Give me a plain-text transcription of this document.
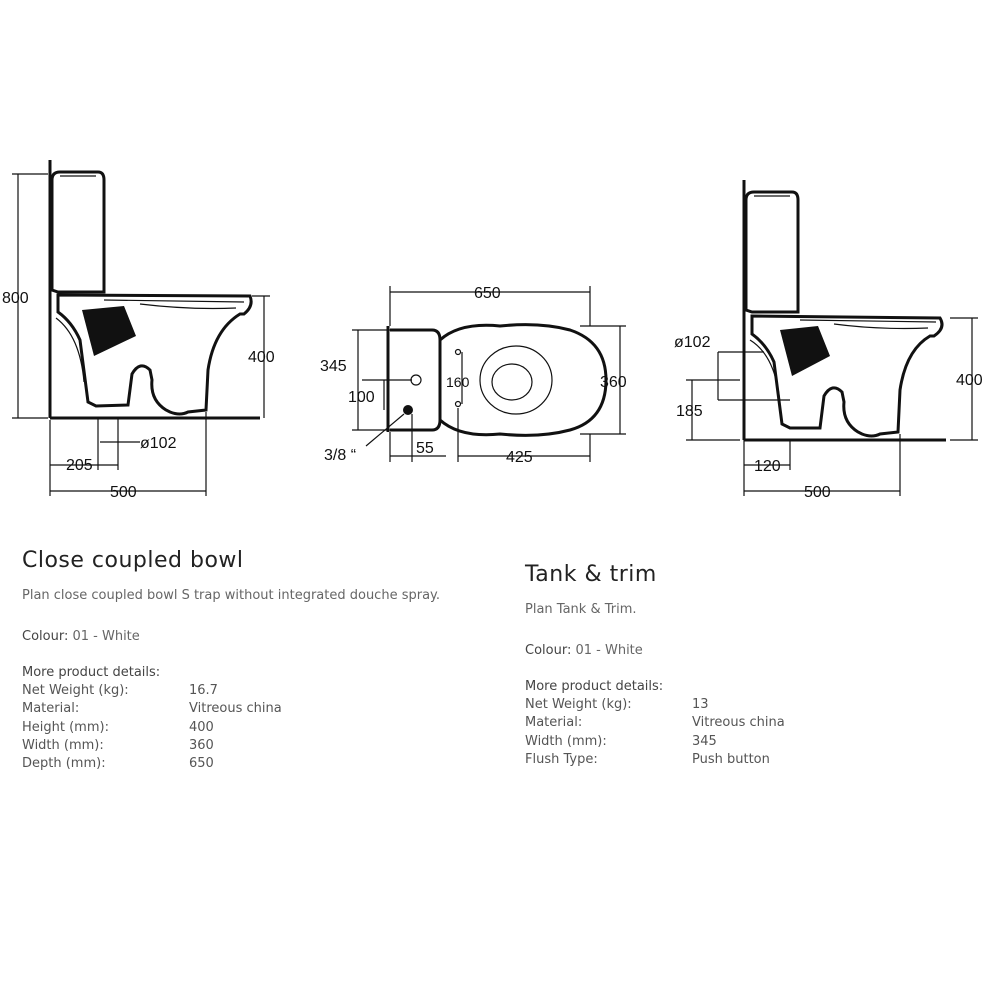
800
400
ø102
205
500
650
345
100
160	360
3/8 “	55
425
ø102
185
400
120
500
Close coupled bowl

Plan close coupled bowl S trap without integrated douche spray.

Colour: 01 - White

More product details:

Net Weight (kg):	16.7
Material:	Vitreous china
Height (mm):	400
Width (mm):	360
Depth (mm):	650
Tank & trim

Plan Tank & Trim.

Colour: 01 - White

More product details:

Net Weight (kg):	13
Material:	Vitreous china
Width (mm):	345
Flush Type:	Push button
